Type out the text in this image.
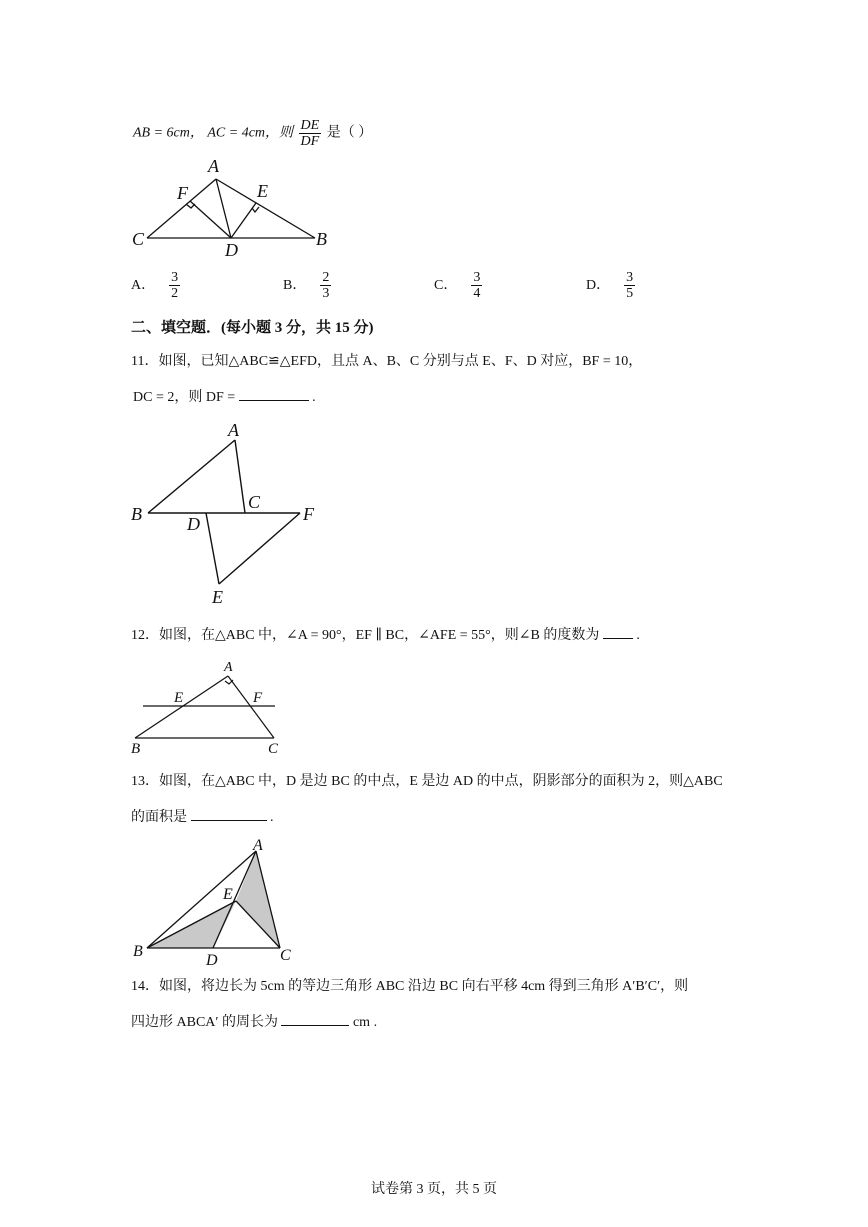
AB = 6cm， AC = 4cm，则 $\frac{DE}{DF}$ 是（ ）
A
F	E
C
D
B
A． $\frac{3}{2}$	B． $\frac{2}{3}$	C． $\frac{3}{4}$	D． $\frac{3}{5}$
二、填空题．(每小题 3 分，共 15 分)
11．如图，已知△ABC≌△EFD，且点 A、B、C 分别与点 E、F、D 对应，BF = 10，
DC = 2，则 DF =	.
A
B
C
D	F
E
12．如图，在△ABC 中，∠A = 90°，EF ∥ BC，∠AFE = 55°，则∠B 的度数为	.
A
E	F
B	C
13．如图，在△ABC 中，D 是边 BC 的中点，E 是边 AD 的中点，阴影部分的面积为 2，则△ABC
的面积是	.
A
E
B
D	C
14．如图，将边长为 5cm 的等边三角形 ABC 沿边 BC 向右平移 4cm 得到三角形 A′B′C′，则
四边形 ABCA′ 的周长为	cm .
试卷第 3 页，共 5 页
